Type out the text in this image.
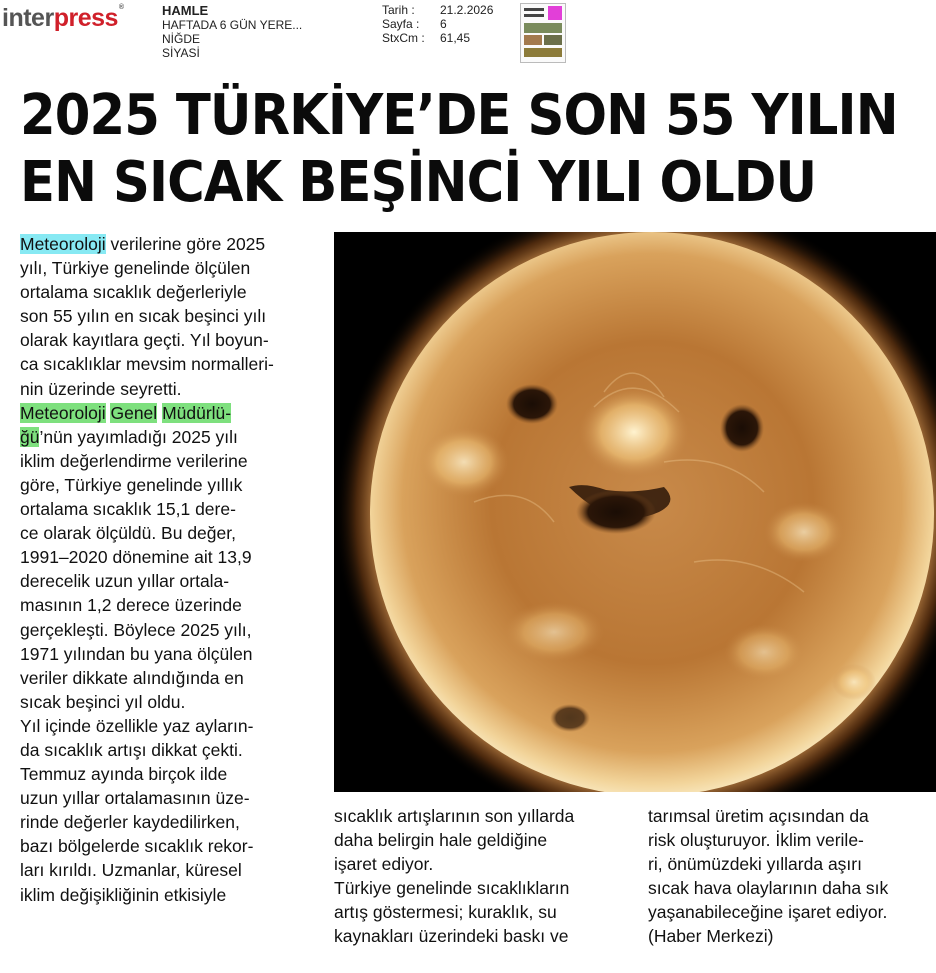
interpress®	HAMLE
HAFTADA 6 GÜN YERE...
NİĞDE
SİYASİ
Tarih :	21.2.2026
Sayfa :	6
StxCm :	61,45
2025 TÜRKİYE’DE SON 55 YILIN
EN SICAK BEŞİNCİ YILI OLDU

Meteoroloji verilerine göre 2025
yılı, Türkiye genelinde ölçülen
ortalama sıcaklık değerleriyle
son 55 yılın en sıcak beşinci yılı
olarak kayıtlara geçti. Yıl boyun-
ca sıcaklıklar mevsim normalleri-
nin üzerinde seyretti.

Meteoroloji Genel Müdürlü-
ğü’nün yayımladığı 2025 yılı
iklim değerlendirme verilerine
göre, Türkiye genelinde yıllık
ortalama sıcaklık 15,1 dere-
ce olarak ölçüldü. Bu değer,
1991–2020 dönemine ait 13,9
derecelik uzun yıllar ortala-
masının 1,2 derece üzerinde
gerçekleşti. Böylece 2025 yılı,
1971 yılından bu yana ölçülen
veriler dikkate alındığında en
sıcak beşinci yıl oldu.

Yıl içinde özellikle yaz ayların-
da sıcaklık artışı dikkat çekti.
Temmuz ayında birçok ilde
uzun yıllar ortalamasının üze-
rinde değerler kaydedilirken,
bazı bölgelerde sıcaklık rekor-
ları kırıldı. Uzmanlar, küresel
iklim değişikliğinin etkisiyle

sıcaklık artışlarının son yıllarda
daha belirgin hale geldiğine
işaret ediyor.
Türkiye genelinde sıcaklıkların
artış göstermesi; kuraklık, su
kaynakları üzerindeki baskı ve

tarımsal üretim açısından da
risk oluşturuyor. İklim verile-
ri, önümüzdeki yıllarda aşırı
sıcak hava olaylarının daha sık
yaşanabileceğine işaret ediyor.
(Haber Merkezi)
